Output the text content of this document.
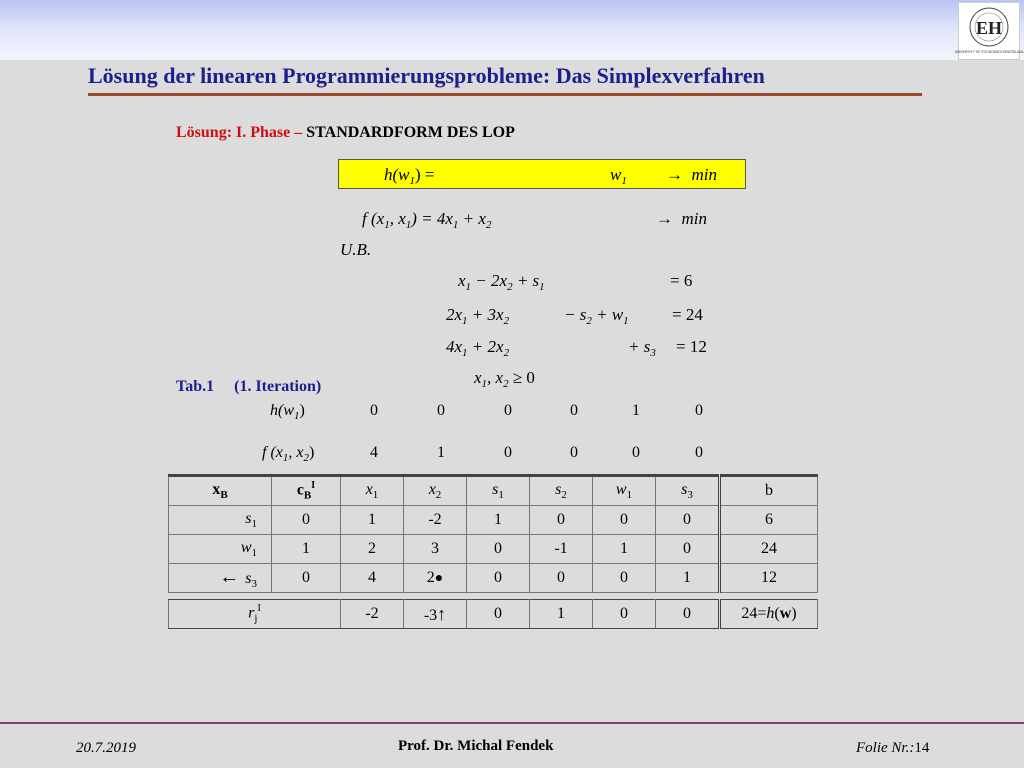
EH
UNIVERSITY OF ECONOMICS BRATISLAVA
Lösung der linearen Programmierungsprobleme: Das Simplexverfahren
Lösung: I. Phase – STANDARDFORM DES LOP
$h(w_1)$ =	$w_1 \to \min$
f ($x_1$, $x_1) = 4x_1 + x_2$	→ min
U.B.
$x_1 - 2x_2 + s_1$	= 6
$2x_1 + 3x_2$	− $s_2 + w_1$	= 24
$4x_1 + 2x_2$	+ $s_3 = 12$
$x_1$, $x_2 \ge 0$
Tab.1 (1. Iteration)
$h(w_1)$	0	0	0	0	1	0
f ($x_1$, $x_2$)	4	1	0	0	0	0
$x_B$	$c_B^I$	$x_1$	$x_2$	$s_1$	$s_2$	$w_1$	$s_3$	b
$s_1$	0	1	-2	1	0	0	0	6
$w_1$	1	2	3	0	-1	1	0	24
← $s_3$	0	4	2●	0	0	0	1	12

$r_j^I$		-2	-3↑	0	1	0	0	24=h(w)
20.7.2019	Prof. Dr. Michal Fendek	Folie Nr.:14
